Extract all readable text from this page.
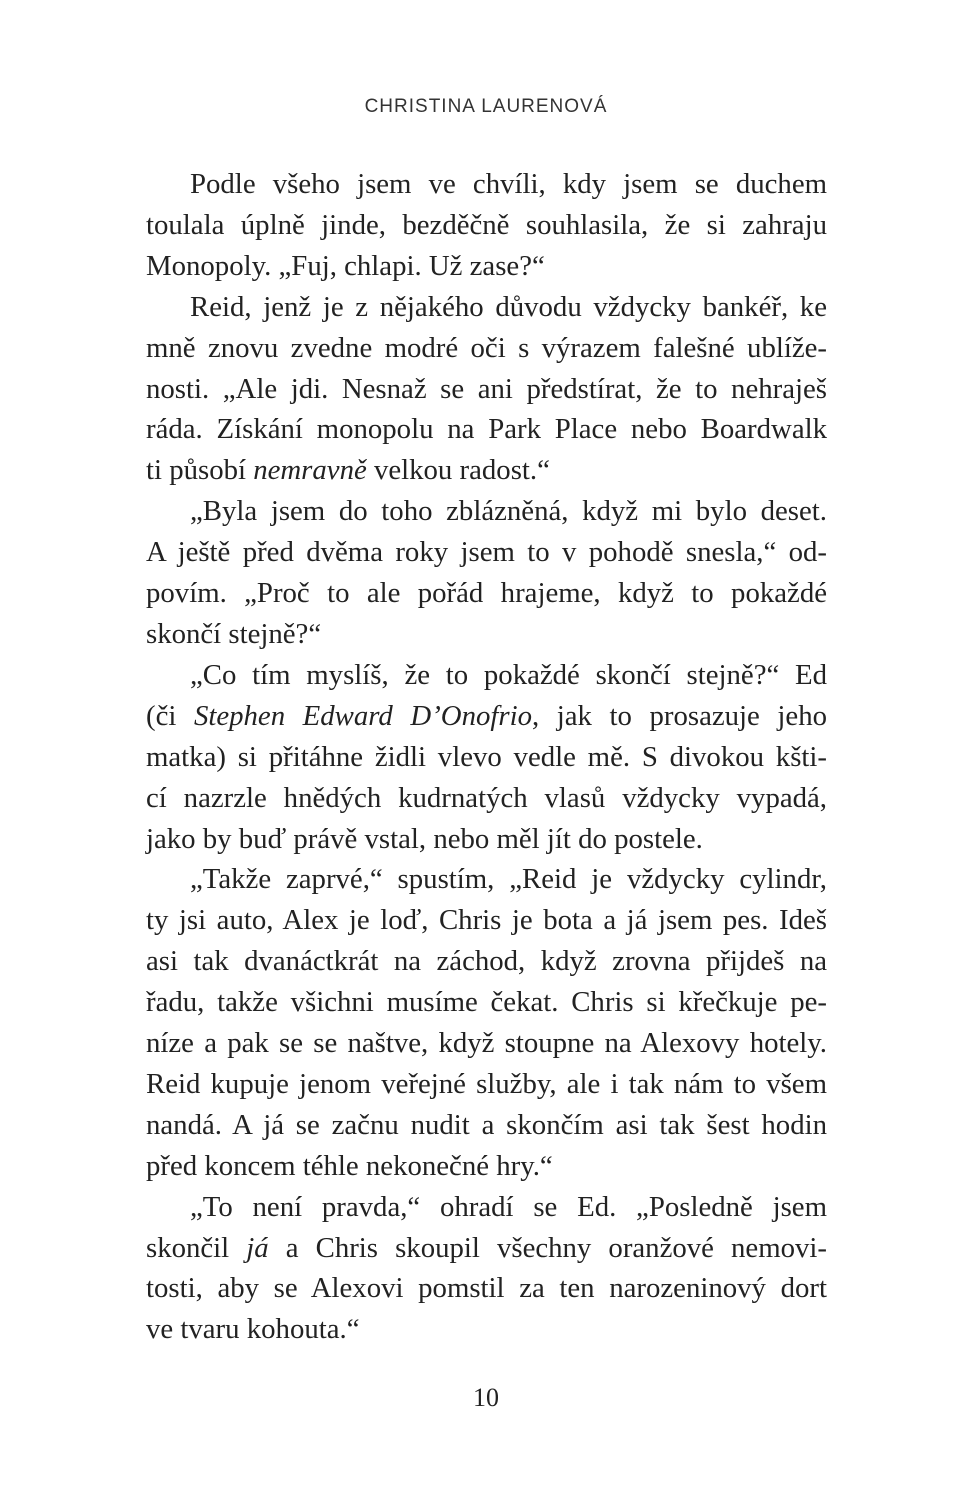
CHRISTINA LAURENOVÁ
Podle všeho jsem ve chvíli, kdy jsem se duchem
toulala úplně jinde, bezděčně souhlasila, že si zahraju
Monopoly. „Fuj, chlapi. Už zase?“
Reid, jenž je z nějakého důvodu vždycky bankéř, ke
mně znovu zvedne modré oči s výrazem falešné ublíže-
nosti. „Ale jdi. Nesnaž se ani předstírat, že to nehraješ
ráda. Získání monopolu na Park Place nebo Boardwalk
ti působí nemravně velkou radost.“
„Byla jsem do toho zblázněná, když mi bylo deset.
A ještě před dvěma roky jsem to v pohodě snesla,“ od-
povím. „Proč to ale pořád hrajeme, když to pokaždé
skončí stejně?“
„Co tím myslíš, že to pokaždé skončí stejně?“ Ed
(či Stephen Edward D’Onofrio, jak to prosazuje jeho
matka) si přitáhne židli vlevo vedle mě. S divokou kšti-
cí nazrzle hnědých kudrnatých vlasů vždycky vypadá,
jako by buď právě vstal, nebo měl jít do postele.
„Takže zaprvé,“ spustím, „Reid je vždycky cylindr,
ty jsi auto, Alex je loď, Chris je bota a já jsem pes. Ideš
asi tak dvanáctkrát na záchod, když zrovna přijdeš na
řadu, takže všichni musíme čekat. Chris si křečkuje pe-
níze a pak se se naštve, když stoupne na Alexovy hotely.
Reid kupuje jenom veřejné služby, ale i tak nám to všem
nandá. A já se začnu nudit a skončím asi tak šest hodin
před koncem téhle nekonečné hry.“
„To není pravda,“ ohradí se Ed. „Posledně jsem
skončil já a Chris skoupil všechny oranžové nemovi-
tosti, aby se Alexovi pomstil za ten narozeninový dort
ve tvaru kohouta.“
10
